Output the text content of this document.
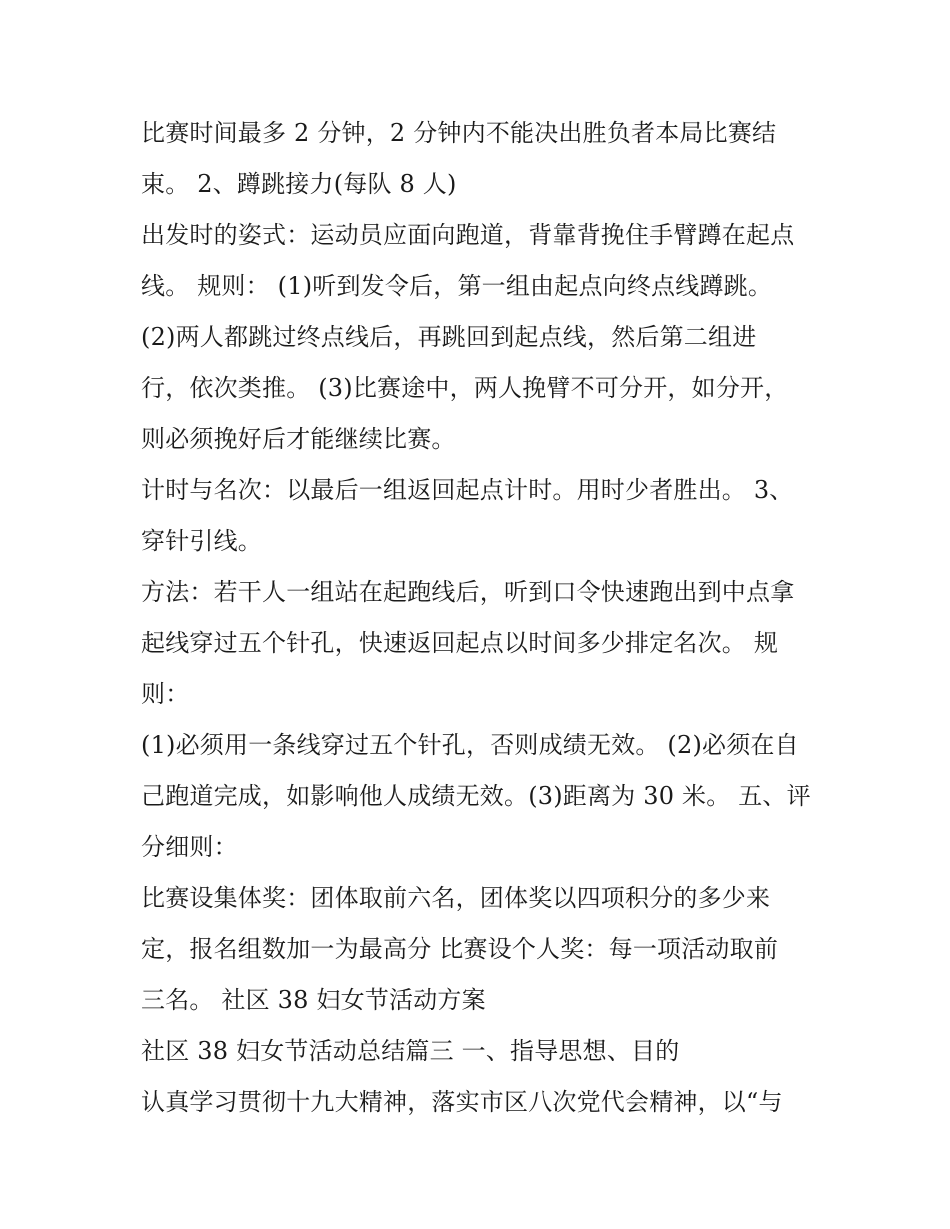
比赛时间最多 2 分钟，2 分钟内不能决出胜负者本局比赛结
束。 2、蹲跳接力(每队 8 人)
出发时的姿式：运动员应面向跑道，背靠背挽住手臂蹲在起点
线。 规则： (1)听到发令后，第一组由起点向终点线蹲跳。
(2)两人都跳过终点线后，再跳回到起点线，然后第二组进
行，依次类推。 (3)比赛途中，两人挽臂不可分开，如分开，
则必须挽好后才能继续比赛。
计时与名次：以最后一组返回起点计时。用时少者胜出。 3、
穿针引线。
方法：若干人一组站在起跑线后，听到口令快速跑出到中点拿
起线穿过五个针孔，快速返回起点以时间多少排定名次。 规
则：
(1)必须用一条线穿过五个针孔，否则成绩无效。 (2)必须在自
己跑道完成，如影响他人成绩无效。(3)距离为 30 米。 五、评
分细则：
比赛设集体奖：团体取前六名，团体奖以四项积分的多少来
定，报名组数加一为最高分 比赛设个人奖：每一项活动取前
三名。 社区 38 妇女节活动方案
社区 38 妇女节活动总结篇三 一、指导思想、目的
认真学习贯彻十九大精神，落实市区八次党代会精神，以“与
